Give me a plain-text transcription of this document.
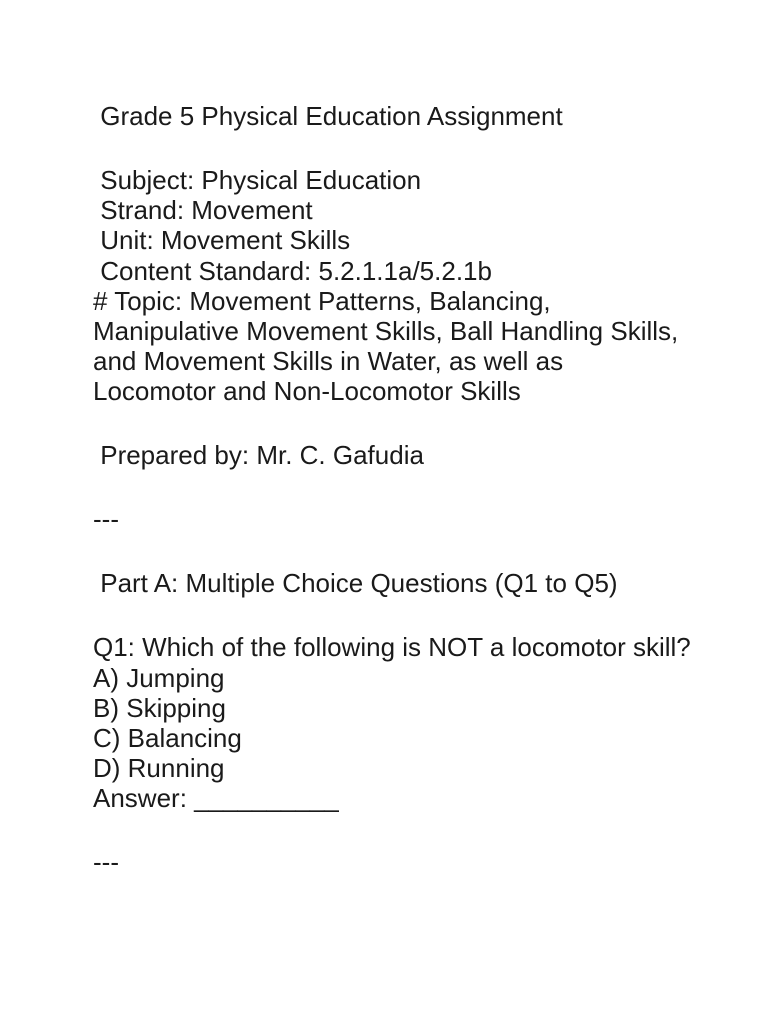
Grade 5 Physical Education Assignment

Subject: Physical Education

Strand: Movement

Unit: Movement Skills

Content Standard: 5.2.1.1a/5.2.1b

# Topic: Movement Patterns, Balancing, Manipulative Movement Skills, Ball Handling Skills, and Movement Skills in Water, as well as Locomotor and Non-Locomotor Skills

Prepared by: Mr. C. Gafudia

---

Part A: Multiple Choice Questions (Q1 to Q5)

Q1: Which of the following is NOT a locomotor skill?

A) Jumping

B) Skipping

C) Balancing

D) Running

Answer: __________

---
